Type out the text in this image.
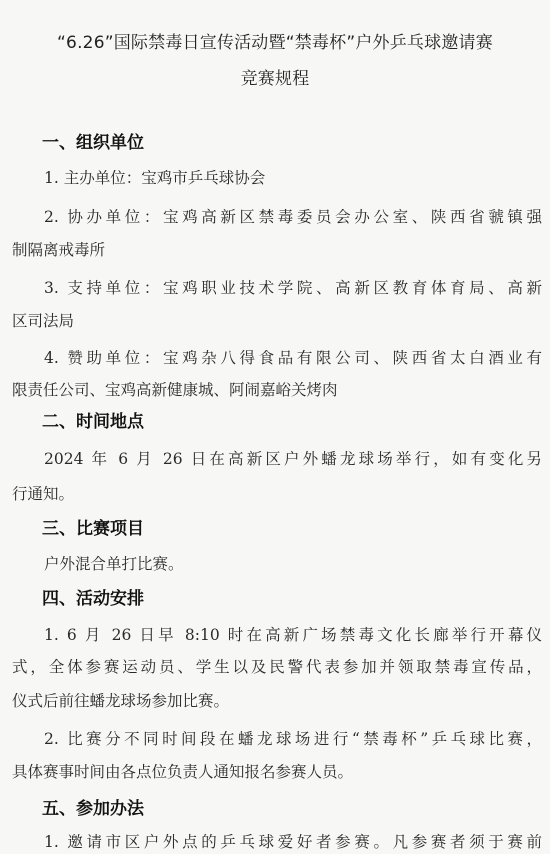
“6.26”国际禁毒日宣传活动暨“禁毒杯”户外乒乓球邀请赛
竞赛规程
一、组织单位
1. 主办单位：宝鸡市乒乓球协会
2. 协办单位：宝鸡高新区禁毒委员会办公室、陕西省虢镇强
制隔离戒毒所
3. 支持单位：宝鸡职业技术学院、高新区教育体育局、高新
区司法局
4. 赞助单位：宝鸡杂八得食品有限公司、陕西省太白酒业有
限责任公司、宝鸡高新健康城、阿闹嘉峪关烤肉
二、时间地点
2024 年 6 月 26 日在高新区户外蟠龙球场举行，如有变化另
行通知。
三、比赛项目
户外混合单打比赛。
四、活动安排
1. 6 月 26 日早 8:10 时在高新广场禁毒文化长廊举行开幕仪
式，全体参赛运动员、学生以及民警代表参加并领取禁毒宣传品，
仪式后前往蟠龙球场参加比赛。
2. 比赛分不同时间段在蟠龙球场进行“禁毒杯”乒乓球比赛，
具体赛事时间由各点位负责人通知报名参赛人员。
五、参加办法
1. 邀请市区户外点的乒乓球爱好者参赛。凡参赛者须于赛前
